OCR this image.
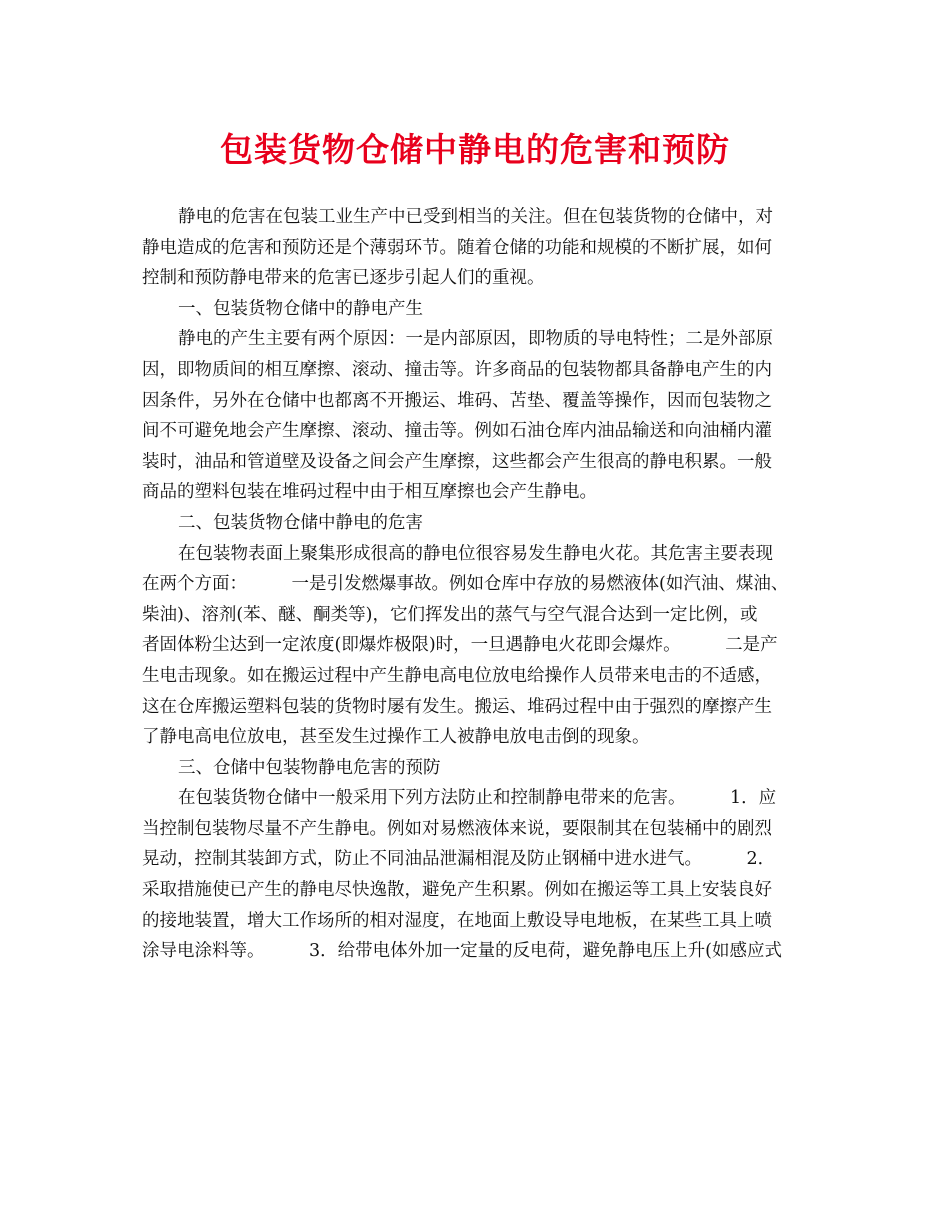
包装货物仓储中静电的危害和预防
静电的危害在包装工业生产中已受到相当的关注。但在包装货物的仓储中，对
静电造成的危害和预防还是个薄弱环节。随着仓储的功能和规模的不断扩展，如何
控制和预防静电带来的危害已逐步引起人们的重视。
一、包装货物仓储中的静电产生
静电的产生主要有两个原因：一是内部原因，即物质的导电特性；二是外部原
因，即物质间的相互摩擦、滚动、撞击等。许多商品的包装物都具备静电产生的内
因条件，另外在仓储中也都离不开搬运、堆码、苫垫、覆盖等操作，因而包装物之
间不可避免地会产生摩擦、滚动、撞击等。例如石油仓库内油品输送和向油桶内灌
装时，油品和管道壁及设备之间会产生摩擦，这些都会产生很高的静电积累。一般
商品的塑料包装在堆码过程中由于相互摩擦也会产生静电。
二、包装货物仓储中静电的危害
在包装物表面上聚集形成很高的静电位很容易发生静电火花。其危害主要表现
在两个方面：        一是引发燃爆事故。例如仓库中存放的易燃液体(如汽油、煤油、
柴油)、溶剂(苯、醚、酮类等)，它们挥发出的蒸气与空气混合达到一定比例，或
者固体粉尘达到一定浓度(即爆炸极限)时，一旦遇静电火花即会爆炸。        二是产
生电击现象。如在搬运过程中产生静电高电位放电给操作人员带来电击的不适感，
这在仓库搬运塑料包装的货物时屡有发生。搬运、堆码过程中由于强烈的摩擦产生
了静电高电位放电，甚至发生过操作工人被静电放电击倒的现象。
三、仓储中包装物静电危害的预防
在包装货物仓储中一般采用下列方法防止和控制静电带来的危害。        1．应
当控制包装物尽量不产生静电。例如对易燃液体来说，要限制其在包装桶中的剧烈
晃动，控制其装卸方式，防止不同油品泄漏相混及防止钢桶中进水进气。        2．
采取措施使已产生的静电尽快逸散，避免产生积累。例如在搬运等工具上安装良好
的接地装置，增大工作场所的相对湿度，在地面上敷设导电地板，在某些工具上喷
涂导电涂料等。        3．给带电体外加一定量的反电荷，避免静电压上升(如感应式
